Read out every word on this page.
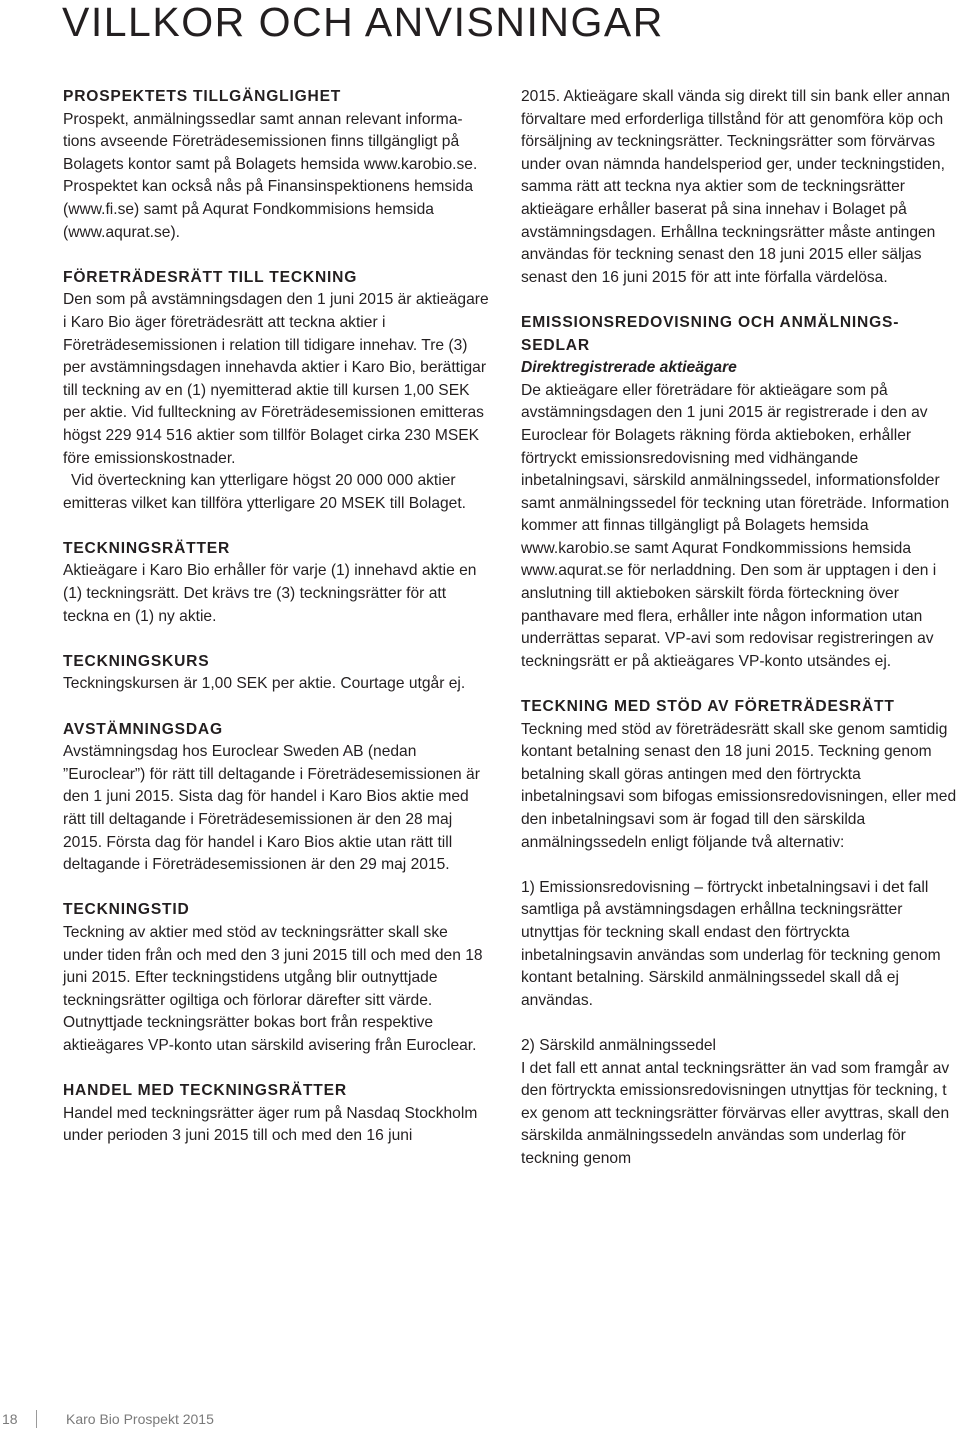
VILLKOR OCH ANVISNINGAR
PROSPEKTETS TILLGÄNGLIGHET

Prospekt, anmälningssedlar samt annan relevant informa-tions avseende Företrädesemissionen finns tillgängligt på Bolagets kontor samt på Bolagets hemsida www.karobio.se. Prospektet kan också nås på Finansinspektionens hemsida (www.fi.se) samt på Aqurat Fondkommisions hemsida (www.aqurat.se).

FÖRETRÄDESRÄTT TILL TECKNING

Den som på avstämningsdagen den 1 juni 2015 är aktieägare i Karo Bio äger företrädesrätt att teckna aktier i Företrädesemissionen i relation till tidigare innehav. Tre (3) per avstämningsdagen innehavda aktier i Karo Bio, berättigar till teckning av en (1) nyemitterad aktie till kursen 1,00 SEK per aktie. Vid fullteckning av Företrädesemissionen emitteras högst 229 914 516 aktier som tillför Bolaget cirka 230 MSEK före emissionskostnader.

Vid överteckning kan ytterligare högst 20 000 000 aktier emitteras vilket kan tillföra ytterligare 20 MSEK till Bolaget.

TECKNINGSRÄTTER

Aktieägare i Karo Bio erhåller för varje (1) innehavd aktie en (1) teckningsrätt. Det krävs tre (3) teckningsrätter för att teckna en (1) ny aktie.

TECKNINGSKURS

Teckningskursen är 1,00 SEK per aktie. Courtage utgår ej.

AVSTÄMNINGSDAG

Avstämningsdag hos Euroclear Sweden AB (nedan ”Euroclear”) för rätt till deltagande i Företrädesemissionen är den 1 juni 2015. Sista dag för handel i Karo Bios aktie med rätt till deltagande i Företrädesemissionen är den 28 maj 2015. Första dag för handel i Karo Bios aktie utan rätt till deltagande i Företrädesemissionen är den 29 maj 2015.

TECKNINGSTID

Teckning av aktier med stöd av teckningsrätter skall ske under tiden från och med den 3 juni 2015 till och med den 18 juni 2015. Efter teckningstidens utgång blir outnyttjade teckningsrätter ogiltiga och förlorar därefter sitt värde. Outnyttjade teckningsrätter bokas bort från respektive aktieägares VP-konto utan särskild avisering från Euroclear.

HANDEL MED TECKNINGSRÄTTER

Handel med teckningsrätter äger rum på Nasdaq Stockholm under perioden 3 juni 2015 till och med den 16 juni

2015. Aktieägare skall vända sig direkt till sin bank eller annan förvaltare med erforderliga tillstånd för att genomföra köp och försäljning av teckningsrätter. Teckningsrätter som förvärvas under ovan nämnda handelsperiod ger, under teckningstiden, samma rätt att teckna nya aktier som de teckningsrätter aktieägare erhåller baserat på sina innehav i Bolaget på avstämningsdagen. Erhållna teckningsrätter måste antingen användas för teckning senast den 18 juni 2015 eller säljas senast den 16 juni 2015 för att inte förfalla värdelösa.

EMISSIONSREDOVISNING OCH ANMÄLNINGS-SEDLAR

Direktregistrerade aktieägare

De aktieägare eller företrädare för aktieägare som på avstämningsdagen den 1 juni 2015 är registrerade i den av Euroclear för Bolagets räkning förda aktieboken, erhåller förtryckt emissionsredovisning med vidhängande inbetalningsavi, särskild anmälningssedel, informationsfolder samt anmälningssedel för teckning utan företräde. Information kommer att finnas tillgängligt på Bolagets hemsida www.karobio.se samt Aqurat Fondkommissions hemsida www.aqurat.se för nerladdning. Den som är upptagen i den i anslutning till aktieboken särskilt förda förteckning över panthavare med flera, erhåller inte någon information utan underrättas separat. VP-avi som redovisar registreringen av teckningsrätt er på aktieägares VP-konto utsändes ej.

TECKNING MED STÖD AV FÖRETRÄDESRÄTT

Teckning med stöd av företrädesrätt skall ske genom samtidig kontant betalning senast den 18 juni 2015. Teckning genom betalning skall göras antingen med den förtryckta inbetalningsavi som bifogas emissionsredovisningen, eller med den inbetalningsavi som är fogad till den särskilda anmälningssedeln enligt följande två alternativ:

1) Emissionsredovisning – förtryckt inbetalningsavi i det fall samtliga på avstämningsdagen erhållna teckningsrätter utnyttjas för teckning skall endast den förtryckta inbetalningsavin användas som underlag för teckning genom kontant betalning. Särskild anmälningssedel skall då ej användas.

2) Särskild anmälningssedel

I det fall ett annat antal teckningsrätter än vad som framgår av den förtryckta emissionsredovisningen utnyttjas för teckning, t ex genom att teckningsrätter förvärvas eller avyttras, skall den särskilda anmälningssedeln användas som underlag för teckning genom

18	Karo Bio Prospekt 2015
